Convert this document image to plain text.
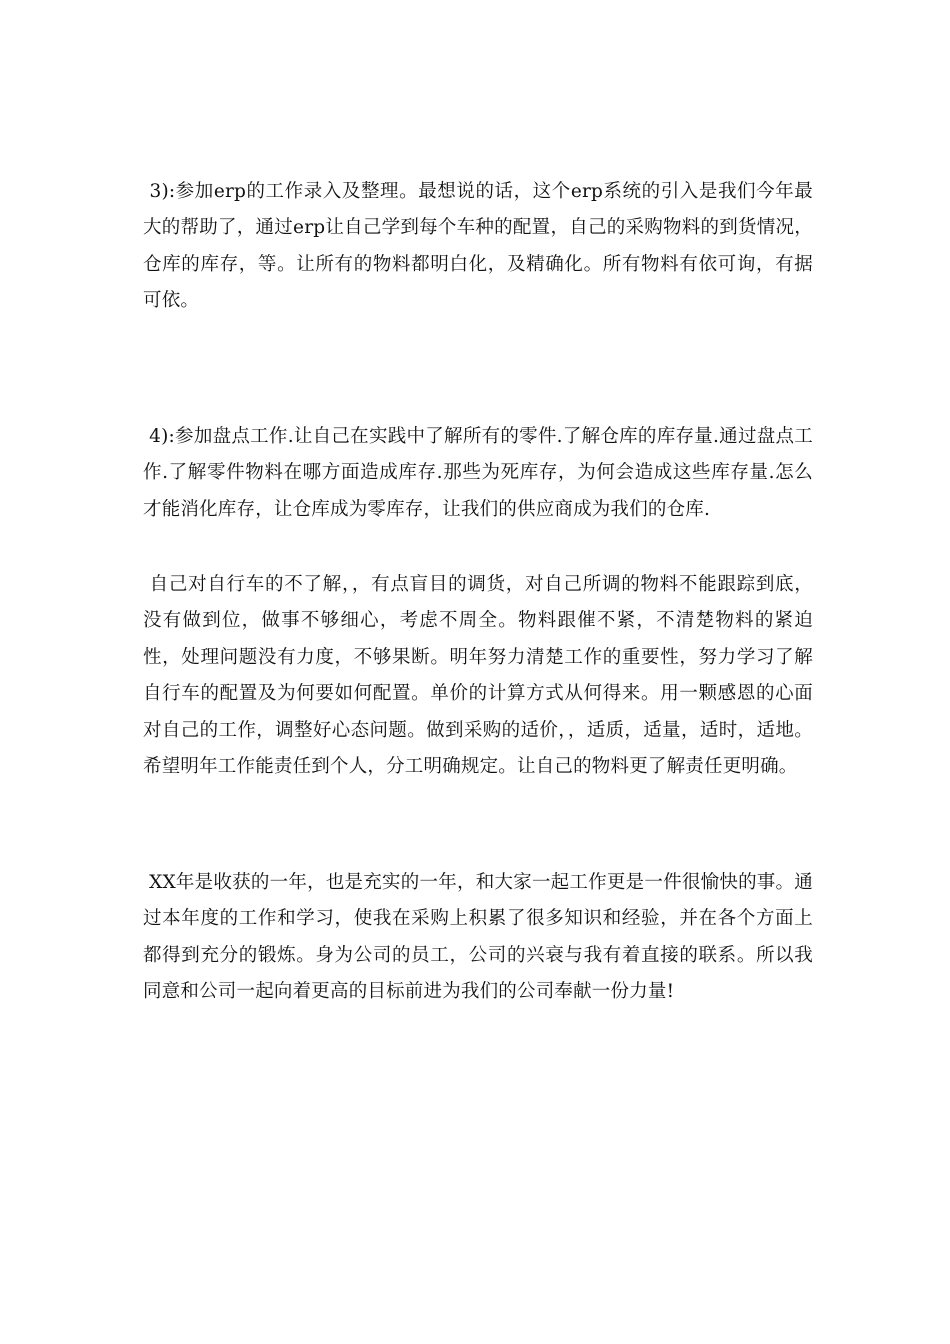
3):参加erp的工作录入及整理。最想说的话，这个erp系统的引入是我们今年最大的帮助了，通过erp让自己学到每个车种的配置，自己的采购物料的到货情况，仓库的库存，等。让所有的物料都明白化，及精确化。所有物料有依可询，有据可依。

4):参加盘点工作.让自己在实践中了解所有的零件.了解仓库的库存量.通过盘点工作.了解零件物料在哪方面造成库存.那些为死库存，为何会造成这些库存量.怎么才能消化库存，让仓库成为零库存，让我们的供应商成为我们的仓库.

自己对自行车的不了解，，有点盲目的调货，对自己所调的物料不能跟踪到底，没有做到位，做事不够细心，考虑不周全。物料跟催不紧，不清楚物料的紧迫性，处理问题没有力度，不够果断。明年努力清楚工作的重要性，努力学习了解自行车的配置及为何要如何配置。单价的计算方式从何得来。用一颗感恩的心面对自己的工作，调整好心态问题。做到采购的适价，，适质，适量，适时，适地。希望明年工作能责任到个人，分工明确规定。让自己的物料更了解责任更明确。

XX年是收获的一年，也是充实的一年，和大家一起工作更是一件很愉快的事。通过本年度的工作和学习，使我在采购上积累了很多知识和经验，并在各个方面上都得到充分的锻炼。身为公司的员工，公司的兴衰与我有着直接的联系。所以我同意和公司一起向着更高的目标前进为我们的公司奉献一份力量!
